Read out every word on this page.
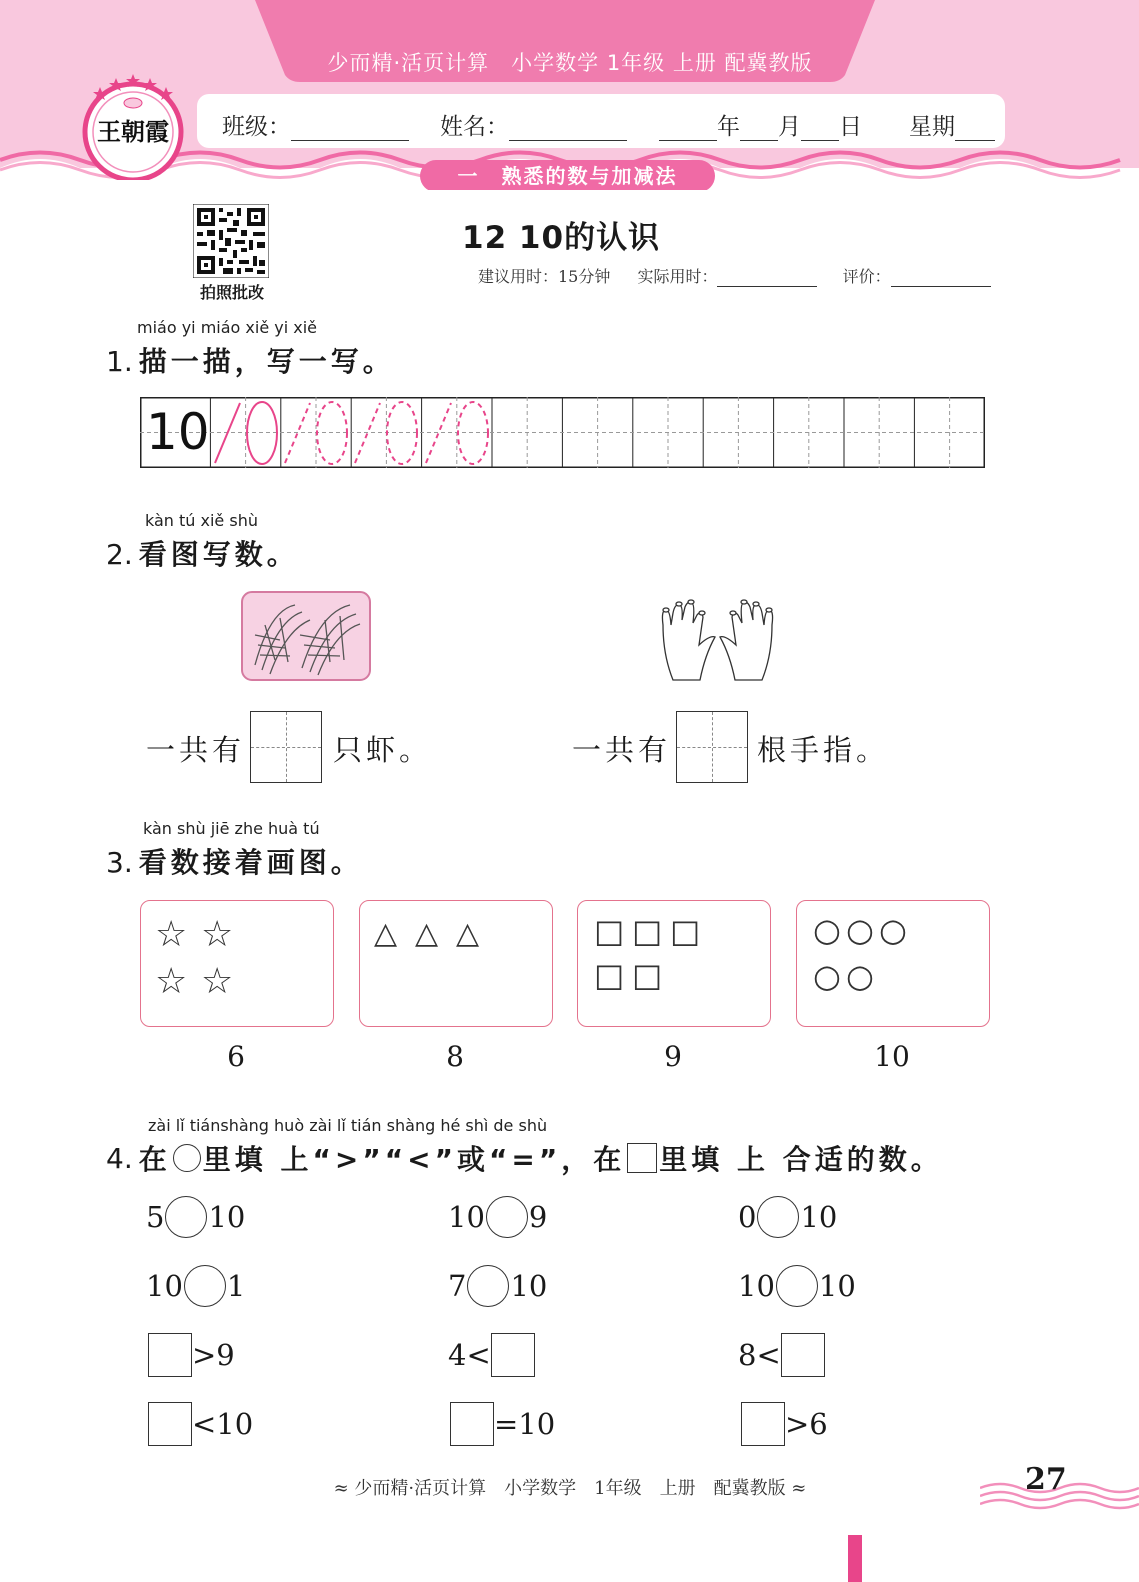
少而精·活页计算　小学数学 1年级 上册 配冀教版
班级：	姓名：	年 月 日 星期
王朝霞
一　熟悉的数与加减法
拍照批改
12 10的认识
建议用时：15分钟 实际用时：	评价：
miáo yi miáo xiě yi xiě
1. 描一描，写一写。
10
kàn tú xiě shù
2. 看图写数。
一共有	只虾。	一共有	根手指。
kàn shù jiē zhe huà tú
3. 看数接着画图。
☆ ☆
☆ ☆
△ △ △	□ □ □
□ □
○ ○ ○
○ ○
6	8	9	10
zài lǐ tiánshàng huò zài lǐ tián shàng hé shì de shù
4. 在 里填 上“>”“<”或“=”，在 里填 上 合适的数。
5 10	10 9	0 10
10 1	7 10	10 10
>9	4<	8<
<10	=10	>6
≈ 少而精·活页计算　小学数学　1年级　上册　配冀教版 ≈	27
